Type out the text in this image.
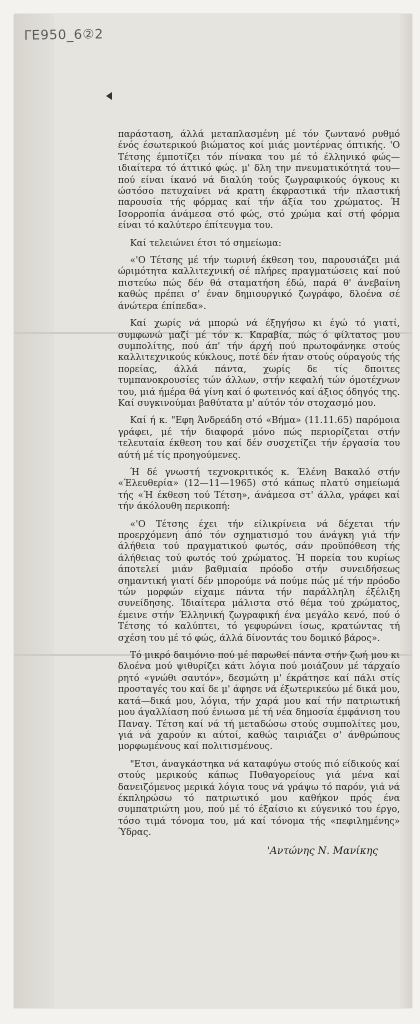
ΓΕ950_6②2

παράσταση, άλλά μεταπλασμένη μέ τόν ζωντανό ρυθμό ένός έσωτερικού βιώματος κοί μιάς μοντέρνας όπτικής. 'Ο Τέτσης έμποτίζει τόν πίνακα του μέ τό έλληνικό φώς—ιδιαίτερα τό άττικό φώς. μ' δλη την πνευματικότητά του—πού είναι ίκανό νά διαλύη τούς ζωγραφικούς όγκους κι ώστόσο πετυχαίνει νά κρατη έκφραστικά τήν πλαστική παρουσία τής φόρμας καί τήν άξία του χρώματος. Ή Ισορροπία άνάμεσα στό φώς, στό χρώμα καί στή φόρμα είναι τό καλύτερο έπίτευγμα του.

Καί τελειώνει έτσι τό σημείωμα:

«'Ο Τέτσης μέ τήν τωρινή έκθεση του, παρουσιάζει μιά ώριμότητα καλλιτεχνική σέ πλήρες πραγματώσεις καί πού πιστεύω πώς δέν θά σταματήση έδώ, παρά θ' άνεβαίνη καθώς πρέπει σ' έναν δημιουργικό ζωγράφο, δλοένα σέ άνώτερα έπίπεδα».

Καί χωρίς νά μπορώ νά έξηγήσω κι έγώ τό γιατί, συμφωνώ μαζί μέ τόν κ. Καραβία, πώς ό φίλτατος μου συμπολίτης, πού άπ' τήν άρχή πού πρωτοφάνηκε στούς καλλιτεχνικούς κύκλους, ποτέ δέν ήταν στούς ούραγούς τής πορείας, άλλά πάντα, χωρίς δε τίς δποιτες τυμπανοκρουσίες τών άλλων, στήν κεφαλή τών όμοτέχνων του, μιά ήμέρα θά γίνη καί ό φωτεινός καί άξιος όδηγός της. Καί συγκινούμαι βαθύτατα μ' αύτόν τόν στοχασμό μου.

Καί ή κ. "Εφη Άνδρεάδη στό «Βήμα» (11.11.65) παρόμοια γράφει, μέ τήν διαφορά μόνο πώς περιορίζεται στήν τελευταία έκθεση του καί δέν συσχετίζει τήν έργασία του αύτή μέ τίς προηγούμενες.

Ή δέ γνωστή τεχνοκριτικός κ. Έλένη Βακαλό στήν «Έλευθερία» (12—11—1965) στό κάπως πλατύ σημείωμά τής «Ή έκθεση τού Τέτση», άνάμεσα στ' άλλα, γράφει καί τήν άκόλουθη περικοπή:

«'Ο Τέτσης έχει τήν είλικρίνεια νά δέχεται τήν προερχόμενη άπό τόν σχηματισμό του άνάγκη γιά τήν άλήθεια τού πραγματικού φωτός, σάν προϋπόθεση τής άλήθειας τού φωτός τού χρώματος. Ή πορεία του κυρίως άποτελεί μιάν βαθμιαία πρόοδο στήν συνειδήσεως σημαντική γιατί δέν μπορούμε νά πούμε πώς μέ τήν πρόοδο τών μορφών είχαμε πάντα τήν παράλληλη έξέλιξη συνείδησης. Ίδιαίτερα μάλιστα στό θέμα τού χρώματος, έμεινε στήν Έλληνική ζωγραφική ένα μεγάλο κενό, πού ό Τέτσης τό καλύπτει, τό γεφυρώνει ίσως, κρατώντας τή σχέση του μέ τό φώς, άλλά δίνοντάς του δομικό βάρος».

Τό μικρό δαιμόνιο πού μέ παρωθεί πάντα στήν ζωή μου κι δλοένα μού ψιθυρίζει κάτι λόγια πού μοιάζουν μέ τάρχαίο ρητό «γνώθι σαυτόν», δεσμώτη μ' έκράτησε καί πάλι στίς προσταγές του καί δε μ' άφησε νά έξωτερικεύω μέ δικά μου, κατά—δικά μου, λόγια, τήν χαρά μου καί τήν πατριωτική μου άγαλλίαση πού ένιωσα μέ τή νέα δημοσία έμφάνιση του Παναγ. Τέτση καί νά τή μεταδώσω στούς συμπολίτες μου, γιά νά χαρούν κι αύτοί, καθώς ταιριάζει σ' άνθρώπους μορφωμένους καί πολιτισμένους.

"Ετσι, άναγκάστηκα νά καταφύγω στούς πιό είδικούς καί στούς μερικούς κάπως Πυθαγορείους γιά μένα καί δανειζόμενος μερικά λόγια τους νά γράψω τό παρόν, γιά νά έκπληρώσω τό πατριωτικό μου καθήκον πρός ένα συμπατριώτη μου, πού μέ τό έξαίσιο κι εύγενικό του έργο, τόσο τιμά τόνομα του, μά καί τόνομα τής «πεφιλημένης» Ύδρας.

'Αντώνης Ν. Μανίκης
